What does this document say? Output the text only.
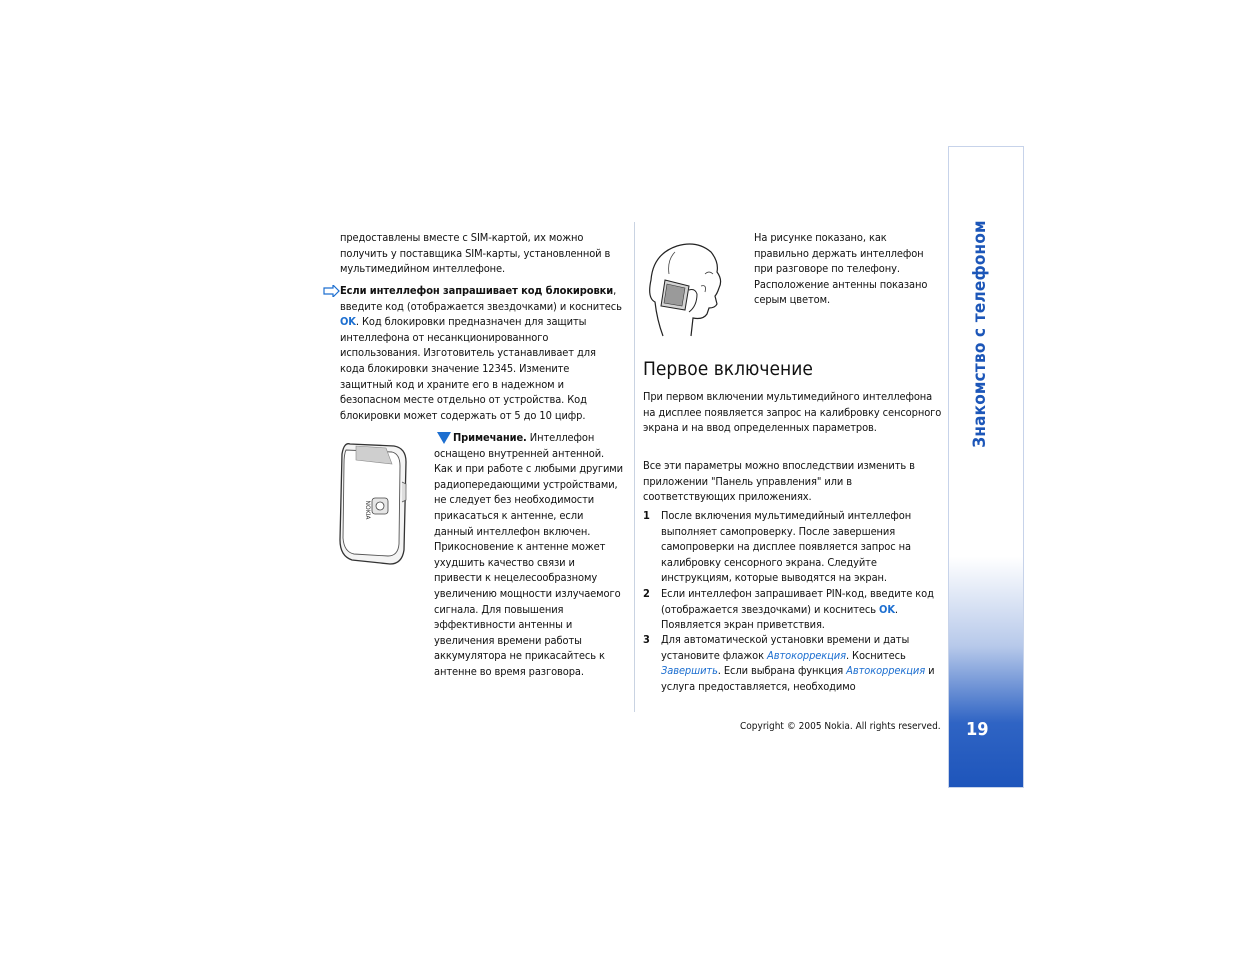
Знакомство с телефоном
19

предоставлены вместе с SIM-картой, их можно получить у поставщика SIM-карты, установленной в мультимедийном интеллефоне.

Если интеллефон запрашивает код блокировки, введите код (отображается звездочками) и коснитесь OK. Код блокировки предназначен для защиты интеллефона от несанкционированного использования. Изготовитель устанавливает для кода блокировки значение 12345. Измените защитный код и храните его в надежном и безопасном месте отдельно от устройства. Код блокировки может содержать от 5 до 10 цифр.

NOKIA

Примечание. Интеллефон оснащено внутренней антенной. Как и при работе с любыми другими радиопередающими устройствами, не следует без необходимости прикасаться к антенне, если данный интеллефон включен. Прикосновение к антенне может ухудшить качество связи и привести к нецелесообразному увеличению мощности излучаемого сигнала. Для повышения эффективности антенны и увеличения времени работы аккумулятора не прикасайтесь к антенне во время разговора.

На рисунке показано, как правильно держать интеллефон при разговоре по телефону. Расположение антенны показано серым цветом.

Первое включение

При первом включении мультимедийного интеллефона на дисплее появляется запрос на калибровку сенсорного экрана и на ввод определенных параметров.

Все эти параметры можно впоследствии изменить в приложении "Панель управления" или в соответствующих приложениях.

1 После включения мультимедийный интеллефон выполняет самопроверку. После завершения самопроверки на дисплее появляется запрос на калибровку сенсорного экрана. Следуйте инструкциям, которые выводятся на экран.

2 Если интеллефон запрашивает PIN-код, введите код (отображается звездочками) и коснитесь OK. Появляется экран приветствия.

3 Для автоматической установки времени и даты установите флажок Автокоррекция. Коснитесь Завершить. Если выбрана функция Автокоррекция и услуга предоставляется, необходимо

Copyright © 2005 Nokia. All rights reserved.
